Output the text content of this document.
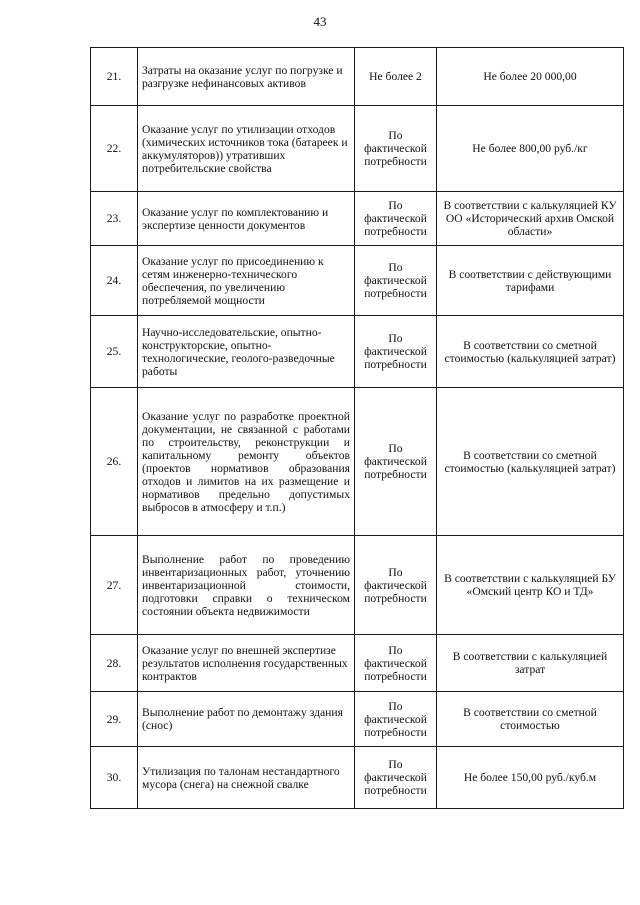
43
21.	Затраты на оказание услуг по погрузке и разгрузке нефинансовых активов	Не более 2	Не более 20 000,00
22.	Оказание услуг по утилизации отходов (химических источников тока (батареек и аккумуляторов)) утративших потребительские свойства	По фактической потребности	Не более 800,00 руб./кг
23.	Оказание услуг по комплектованию и экспертизе ценности документов	По фактической потребности	В соответствии с калькуляцией КУ ОО «Исторический архив Омской области»
24.	Оказание услуг по присоединению к сетям инженерно-технического обеспечения, по увеличению потребляемой мощности	По фактической потребности	В соответствии с действующими тарифами
25.	Научно-исследовательские, опытно-конструкторские, опытно-технологические, геолого-разведочные работы	По фактической потребности	В соответствии со сметной стоимостью (калькуляцией затрат)
26.	Оказание услуг по разработке проектной документации, не связанной с работами по строительству, реконструкции и капитальному ремонту объектов (проектов нормативов образования отходов и лимитов на их размещение и нормативов предельно допустимых выбросов в атмосферу и т.п.)	По фактической потребности	В соответствии со сметной стоимостью (калькуляцией затрат)
27.	Выполнение работ по проведению инвентаризационных работ, уточнению инвентаризационной стоимости, подготовки справки о техническом состоянии объекта недвижимости	По фактической потребности	В соответствии с калькуляцией БУ «Омский центр КО и ТД»
28.	Оказание услуг по внешней экспертизе результатов исполнения государственных контрактов	По фактической потребности	В соответствии с калькуляцией затрат
29.	Выполнение работ по демонтажу здания (снос)	По фактической потребности	В соответствии со сметной стоимостью
30.	Утилизация по талонам нестандартного мусора (снега) на снежной свалке	По фактической потребности	Не более 150,00 руб./куб.м
